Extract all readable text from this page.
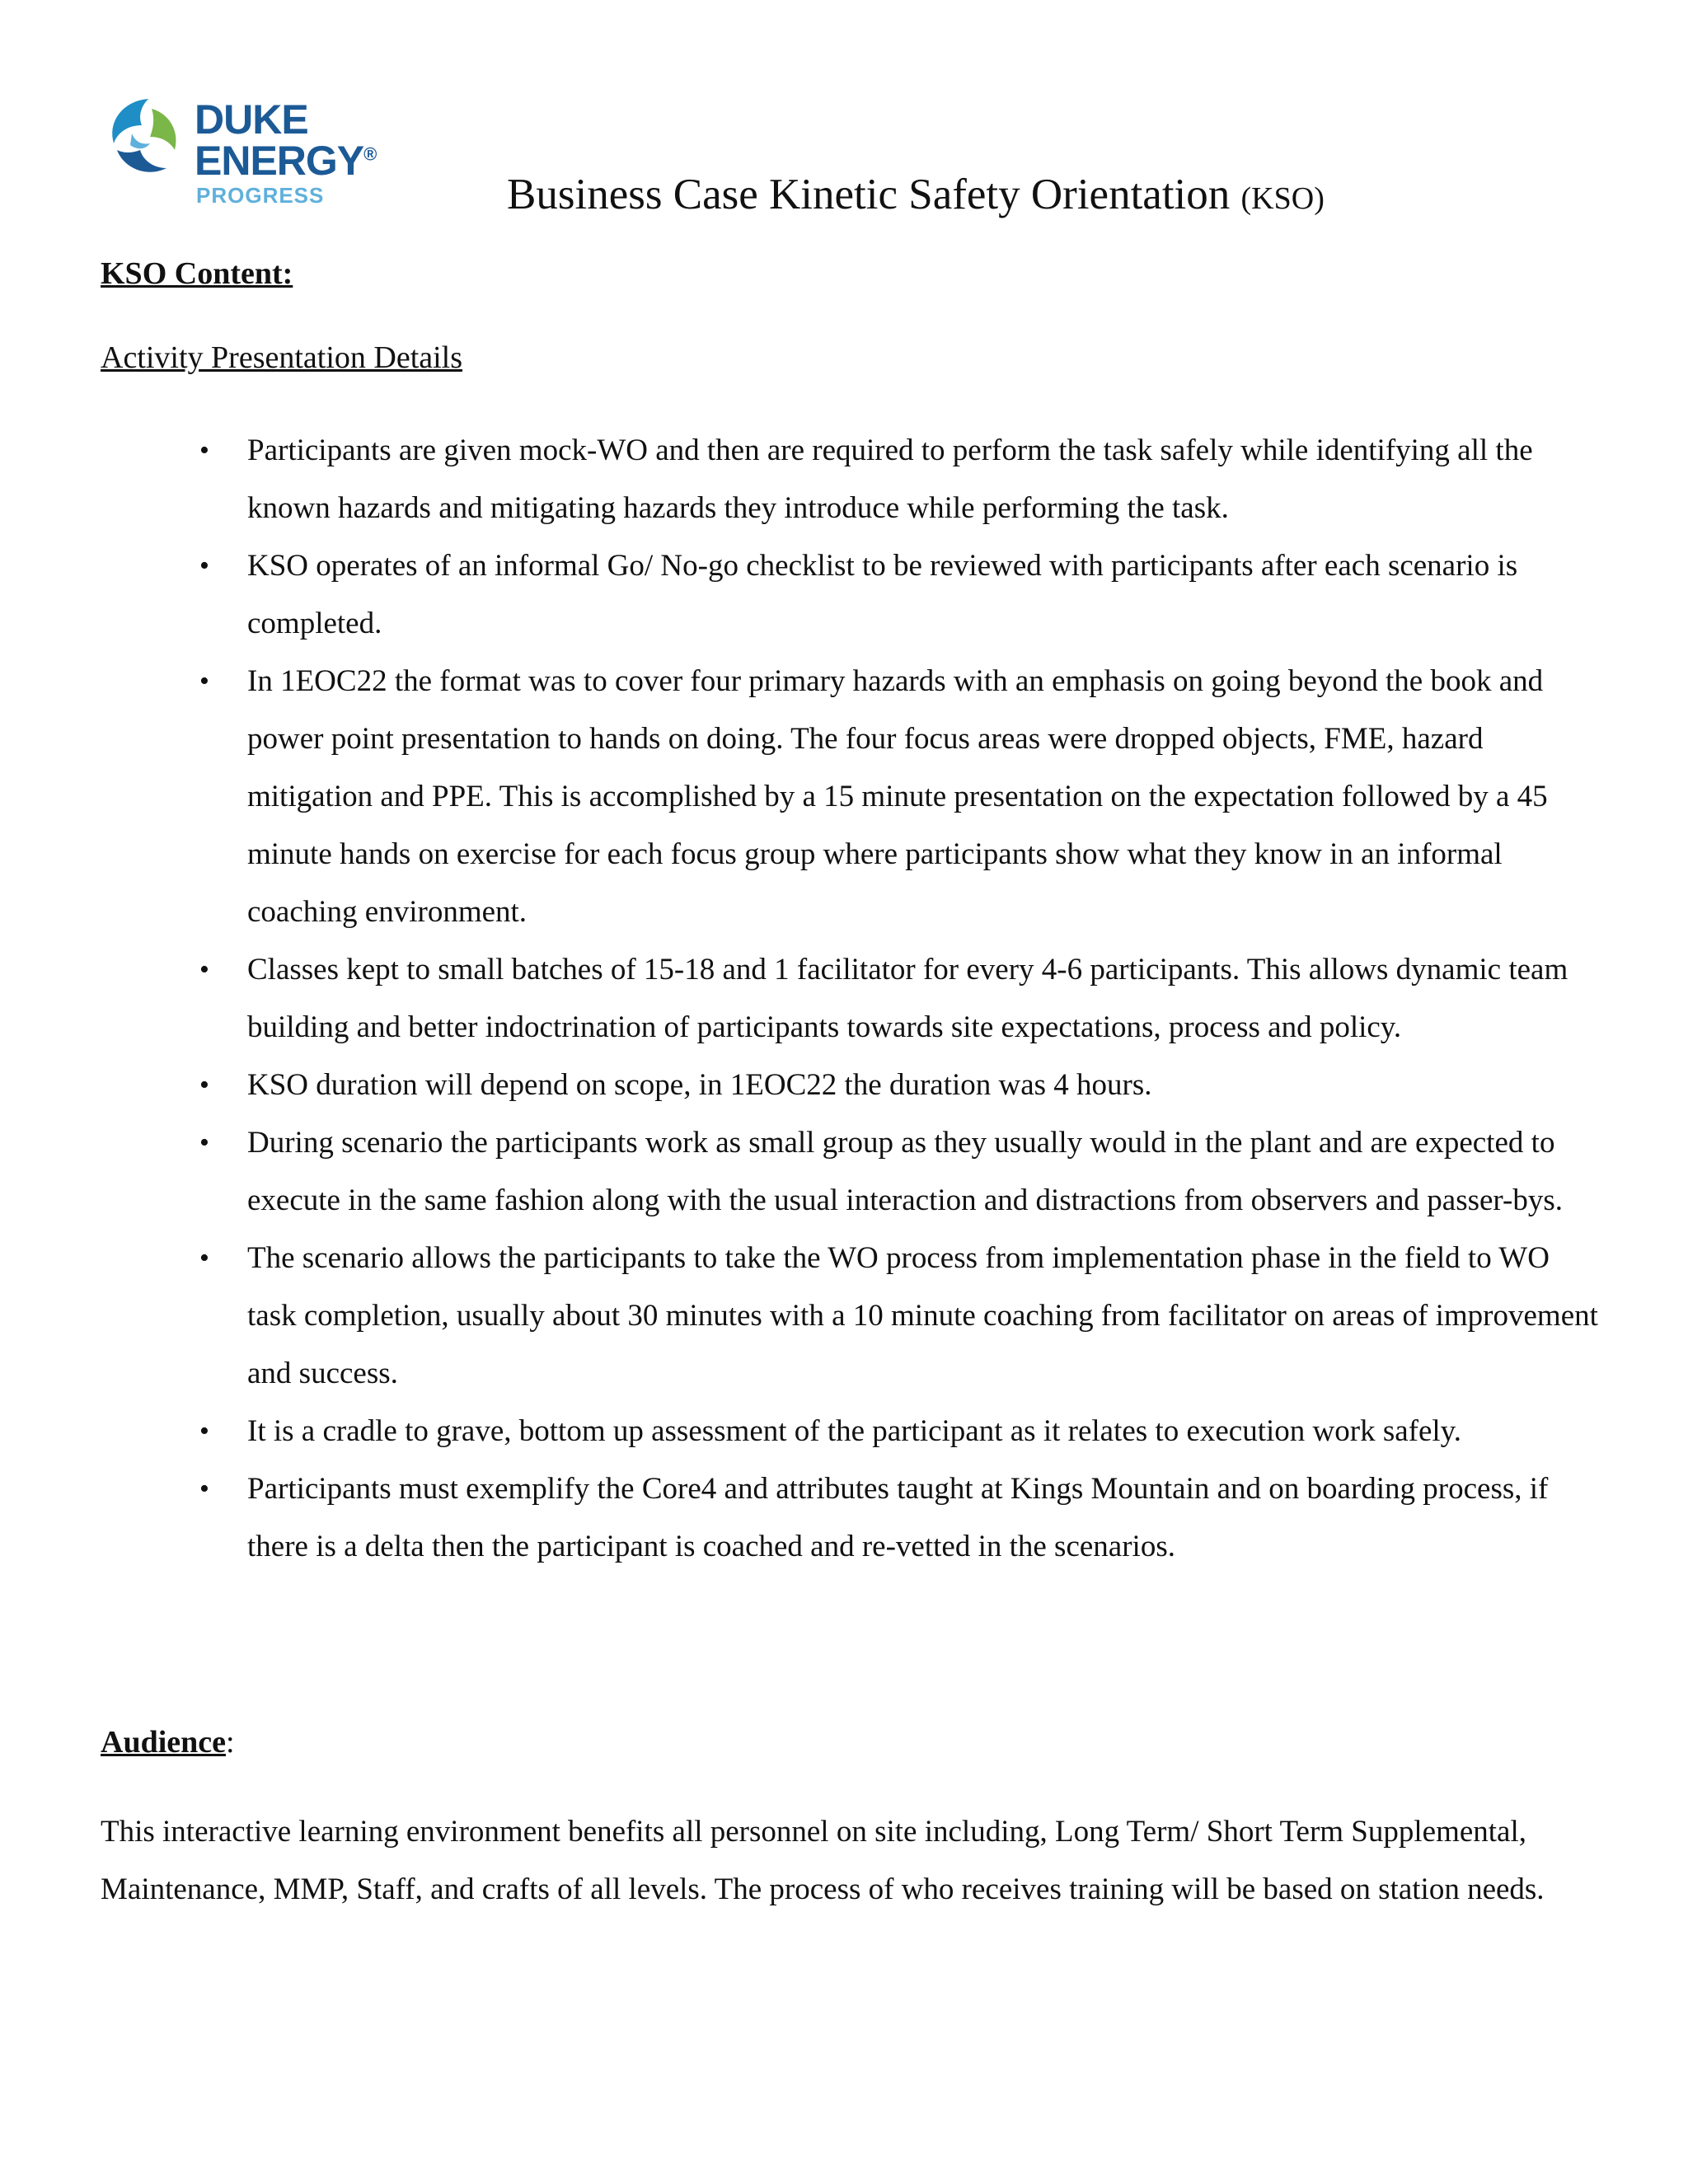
DUKE
ENERGY®
PROGRESS	Business Case Kinetic Safety Orientation (KSO)
KSO Content:
Activity Presentation Details
• Participants are given mock-WO and then are required to perform the task safely while identifying all the known hazards and mitigating hazards they introduce while performing the task.
• KSO operates of an informal Go/ No-go checklist to be reviewed with participants after each scenario is completed.
• In 1EOC22 the format was to cover four primary hazards with an emphasis on going beyond the book and power point presentation to hands on doing. The four focus areas were dropped objects, FME, hazard mitigation and PPE. This is accomplished by a 15 minute presentation on the expectation followed by a 45 minute hands on exercise for each focus group where participants show what they know in an informal coaching environment.
• Classes kept to small batches of 15-18 and 1 facilitator for every 4-6 participants. This allows dynamic team building and better indoctrination of participants towards site expectations, process and policy.
• KSO duration will depend on scope, in 1EOC22 the duration was 4 hours.
• During scenario the participants work as small group as they usually would in the plant and are expected to execute in the same fashion along with the usual interaction and distractions from observers and passer-bys.
• The scenario allows the participants to take the WO process from implementation phase in the field to WO task completion, usually about 30 minutes with a 10 minute coaching from facilitator on areas of improvement and success.
• It is a cradle to grave, bottom up assessment of the participant as it relates to execution work safely.
• Participants must exemplify the Core4 and attributes taught at Kings Mountain and on boarding process, if there is a delta then the participant is coached and re-vetted in the scenarios.
Audience:

This interactive learning environment benefits all personnel on site including, Long Term/ Short Term Supplemental, Maintenance, MMP, Staff, and crafts of all levels. The process of who receives training will be based on station needs.
